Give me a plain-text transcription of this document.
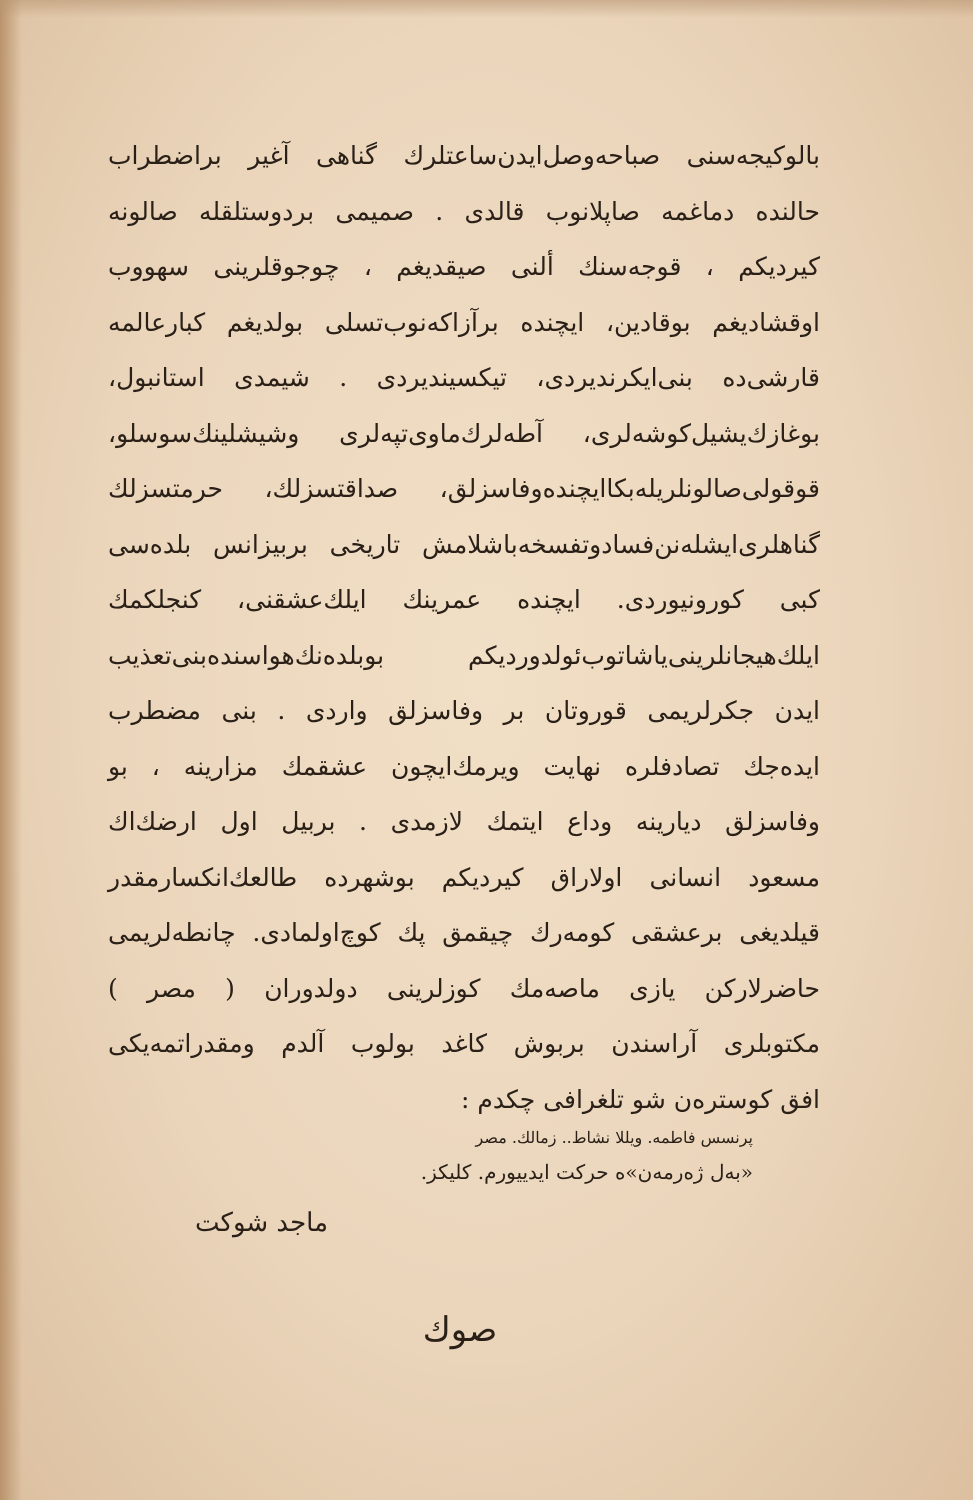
بالوكیجه‌سنی صباحه‌وصل‌ایدن‌ساعتلرك گناهی آغیر براضطراب
حالنده دماغمه صاپلانوب قالدی . صمیمی بردوستلقله صالونه
كیردیكم ، قوجه‌سنك ألنی صیقدیغم ، چوجوقلرینی سهووب
اوقشادیغم بوقادین، ایچنده برآزاكه‌نوب‌تسلی بولدیغم كبارعالمه
قارشی‌ده بنی‌ایكرندیردی، تیكسیندیردی . شیمدی استانبول،
بوغازك‌یشیل‌كوشه‌لری، آطه‌لرك‌ماوی‌تپه‌لری وشیشلینك‌سوسلو،
قوقولی‌صالونلریله‌بكا‌ایچنده‌وفاسزلق، صداقتسزلك، حرمتسزلك
گناهلری‌ایشله‌نن‌فساد‌وتفسخه‌باشلامش تاریخی بربیزانس بلده‌سی
كبی كورونیوردی. ایچنده عمرینك ایلك‌عشقنی، كنجلكمك
ایلك‌هیجانلرینی‌یاشاتوب‌ئولدوردیكم بوبلده‌نك‌هواسنده‌بنی‌تعذیب
ایدن جكرلریمی قوروتان بر وفاسزلق واردی . بنی مضطرب
ایده‌جك تصادفلره نهایت ویرمك‌ایچون عشقمك مزارینه ، بو
وفاسزلق دیارینه وداع ایتمك لازمدی . بربیل اول ارضك‌اك
مسعود انسانی اولاراق كیردیكم بوشهرده طالعك‌انكسارمقدر
قیلدیغی برعشقی كومه‌رك چیقمق پك كوچ‌اولمادی. چانطه‌لریمی
حاضرلاركن یازی ماصه‌مك كوزلرینی دولدوران ( مصر )
مكتوبلری آراسندن بربوش كاغد بولوب آلدم ومقدراتمه‌یكی
افق كوستره‌ن شو تلغرافی چكدم :
پرنسس فاطمه. ویللا نشاط.. زمالك. مصر
«به‌ل ژه‌رمه‌ن»ه حركت ایدییورم. كلیكز.
ماجد شوكت
صوك
